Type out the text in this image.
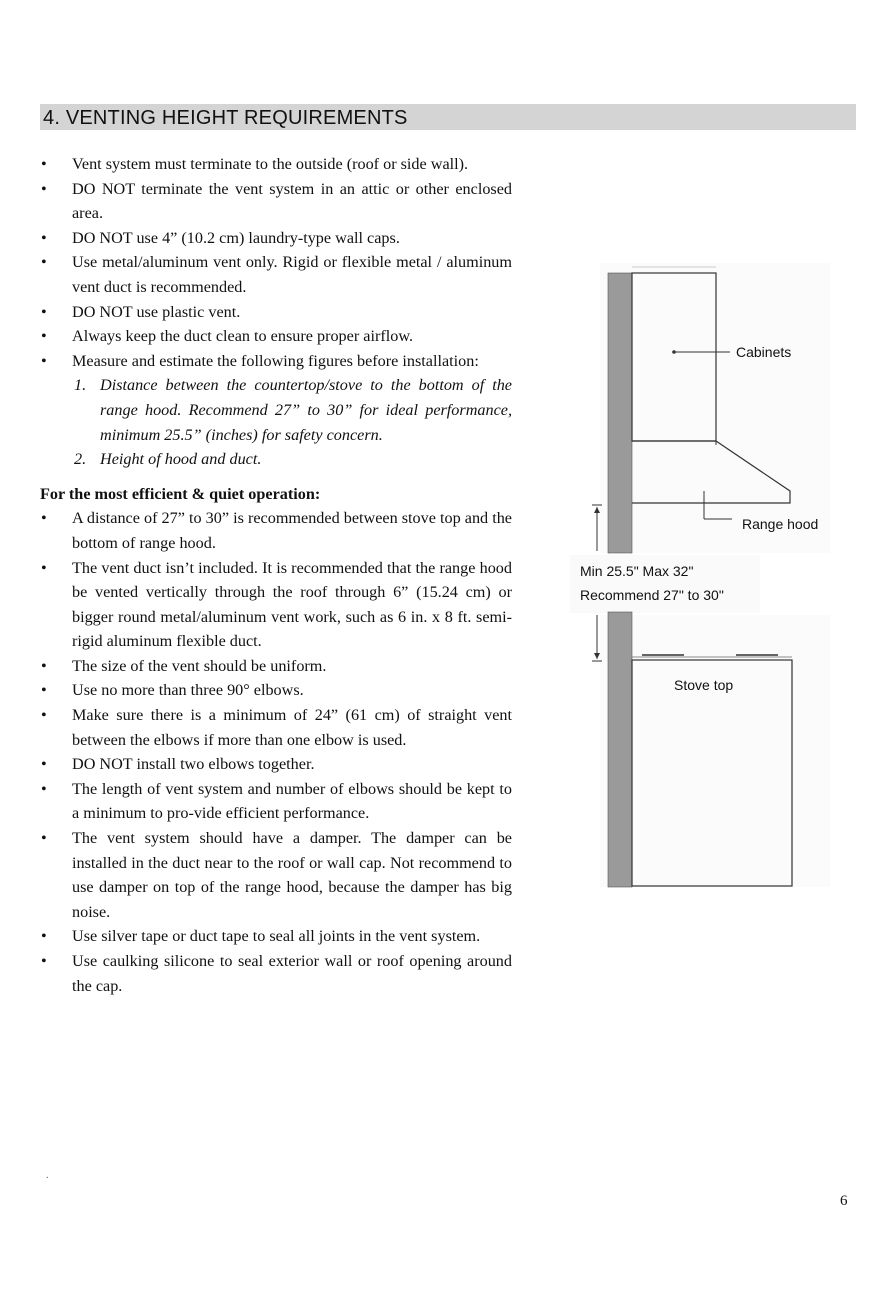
4. VENTING HEIGHT REQUIREMENTS
• Vent system must terminate to the outside (roof or side wall).
• DO NOT terminate the vent system in an attic or other enclosed area.
• DO NOT use 4” (10.2 cm) laundry-type wall caps.
• Use metal/aluminum vent only. Rigid or flexible metal / aluminum vent duct is recommended.
• DO NOT use plastic vent.
• Always keep the duct clean to ensure proper airflow.
• Measure and estimate the following figures before installation:
1. Distance between the countertop/stove to the bottom of the range hood. Recommend 27” to 30” for ideal performance, minimum 25.5” (inches) for safety concern.
2. Height of hood and duct.
For the most efficient & quiet operation:
• A distance of 27” to 30” is recommended between stove top and the bottom of range hood.
• The vent duct isn’t included. It is recommended that the range hood be vented vertically through the roof through 6” (15.24 cm) or bigger round metal/aluminum vent work, such as 6 in. x 8 ft. semi-rigid aluminum flexible duct.
• The size of the vent should be uniform.
• Use no more than three 90° elbows.
• Make sure there is a minimum of 24” (61 cm) of straight vent between the elbows if more than one elbow is used.
• DO NOT install two elbows together.
• The length of vent system and number of elbows should be kept to a minimum to pro-vide efficient performance.
• The vent system should have a damper. The damper can be installed in the duct near to the roof or wall cap. Not recommend to use damper on top of the range hood, because the damper has big noise.
• Use silver tape or duct tape to seal all joints in the vent system.
• Use caulking silicone to seal exterior wall or roof opening around the cap.
Cabinets
Range hood
Min 25.5" Max 32"
Recommend 27" to 30"
Stove top
.
6
